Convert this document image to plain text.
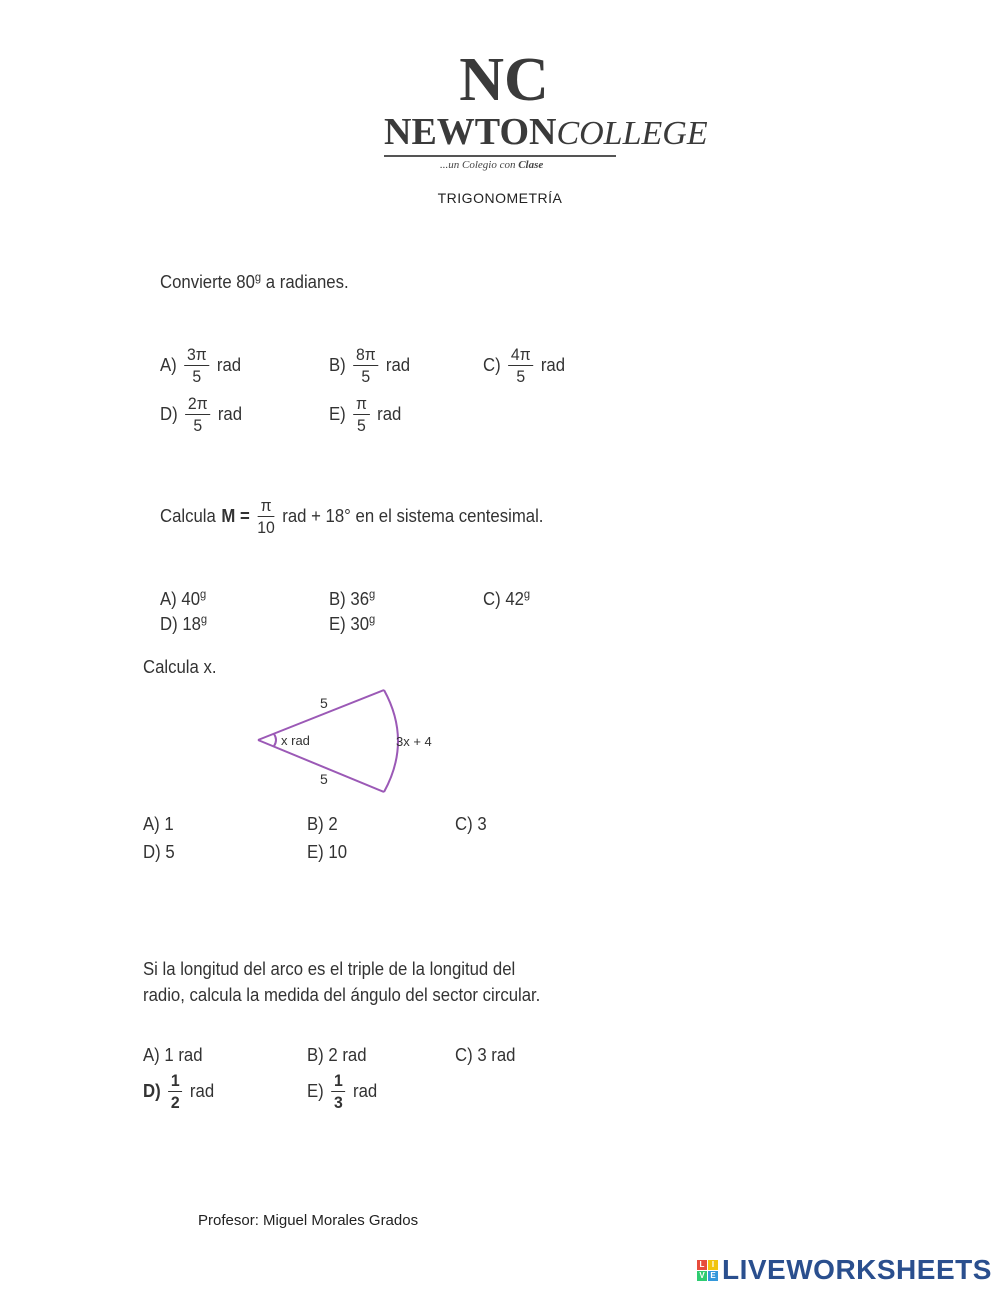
NC
NEWTONCOLLEGE
...un Colegio con Clase
TRIGONOMETRÍA
Convierte 80$^g$ a radianes.
$A) \frac{3\pi}{5}$ rad	$B) \frac{8\pi}{5}$ rad	$C) \frac{4\pi}{5}$ rad
$D) \frac{2\pi}{5}$ rad	$E) \frac{\pi}{5}$ rad
Calcula $M = \frac{\pi}{10}$ rad + 18° en el sistema centesimal.
A) 40$^g$	B) 36$^g$	C) 42$^g$
D) 18$^g$	E) 30$^g$
Calcula x.
5
5
x rad	3x + 4
A) 1	B) 2	C) 3
D) 5	E) 10
Si la longitud del arco es el triple de la longitud del
radio, calcula la medida del ángulo del sector circular.
A) 1 rad	B) 2 rad	C) 3 rad
$D) \frac{1}{2}$ rad	$E) \frac{1}{3}$ rad
Profesor: Miguel Morales Grados
L I
V E LIVEWORKSHEETS
